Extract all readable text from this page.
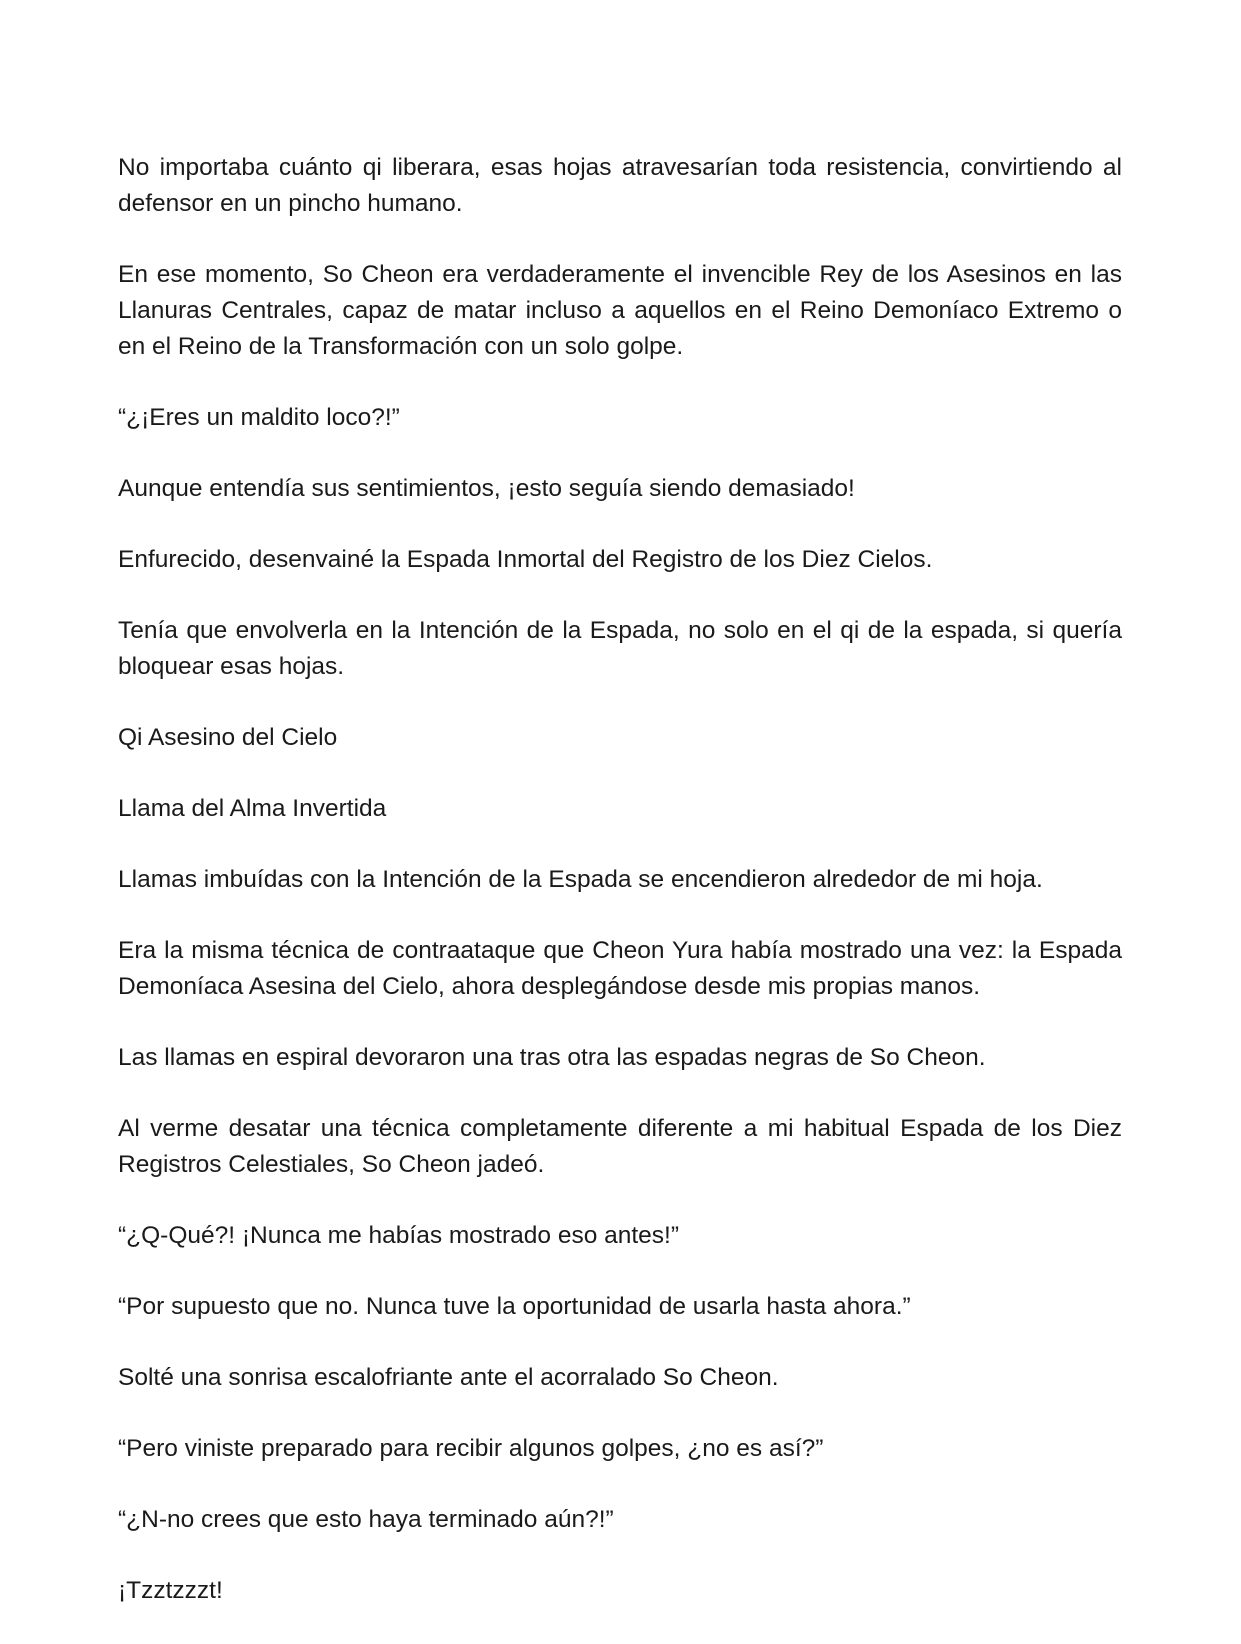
No importaba cuánto qi liberara, esas hojas atravesarían toda resistencia, convirtiendo al defensor en un pincho humano.

En ese momento, So Cheon era verdaderamente el invencible Rey de los Asesinos en las Llanuras Centrales, capaz de matar incluso a aquellos en el Reino Demoníaco Extremo o en el Reino de la Transformación con un solo golpe.

“¿¡Eres un maldito loco?!”

Aunque entendía sus sentimientos, ¡esto seguía siendo demasiado!

Enfurecido, desenvainé la Espada Inmortal del Registro de los Diez Cielos.

Tenía que envolverla en la Intención de la Espada, no solo en el qi de la espada, si quería bloquear esas hojas.

Qi Asesino del Cielo

Llama del Alma Invertida

Llamas imbuídas con la Intención de la Espada se encendieron alrededor de mi hoja.

Era la misma técnica de contraataque que Cheon Yura había mostrado una vez: la Espada Demoníaca Asesina del Cielo, ahora desplegándose desde mis propias manos.

Las llamas en espiral devoraron una tras otra las espadas negras de So Cheon.

Al verme desatar una técnica completamente diferente a mi habitual Espada de los Diez Registros Celestiales, So Cheon jadeó.

“¿Q-Qué?! ¡Nunca me habías mostrado eso antes!”

“Por supuesto que no. Nunca tuve la oportunidad de usarla hasta ahora.”

Solté una sonrisa escalofriante ante el acorralado So Cheon.

“Pero viniste preparado para recibir algunos golpes, ¿no es así?”

“¿N-no crees que esto haya terminado aún?!”

¡Tzztzzzt!
